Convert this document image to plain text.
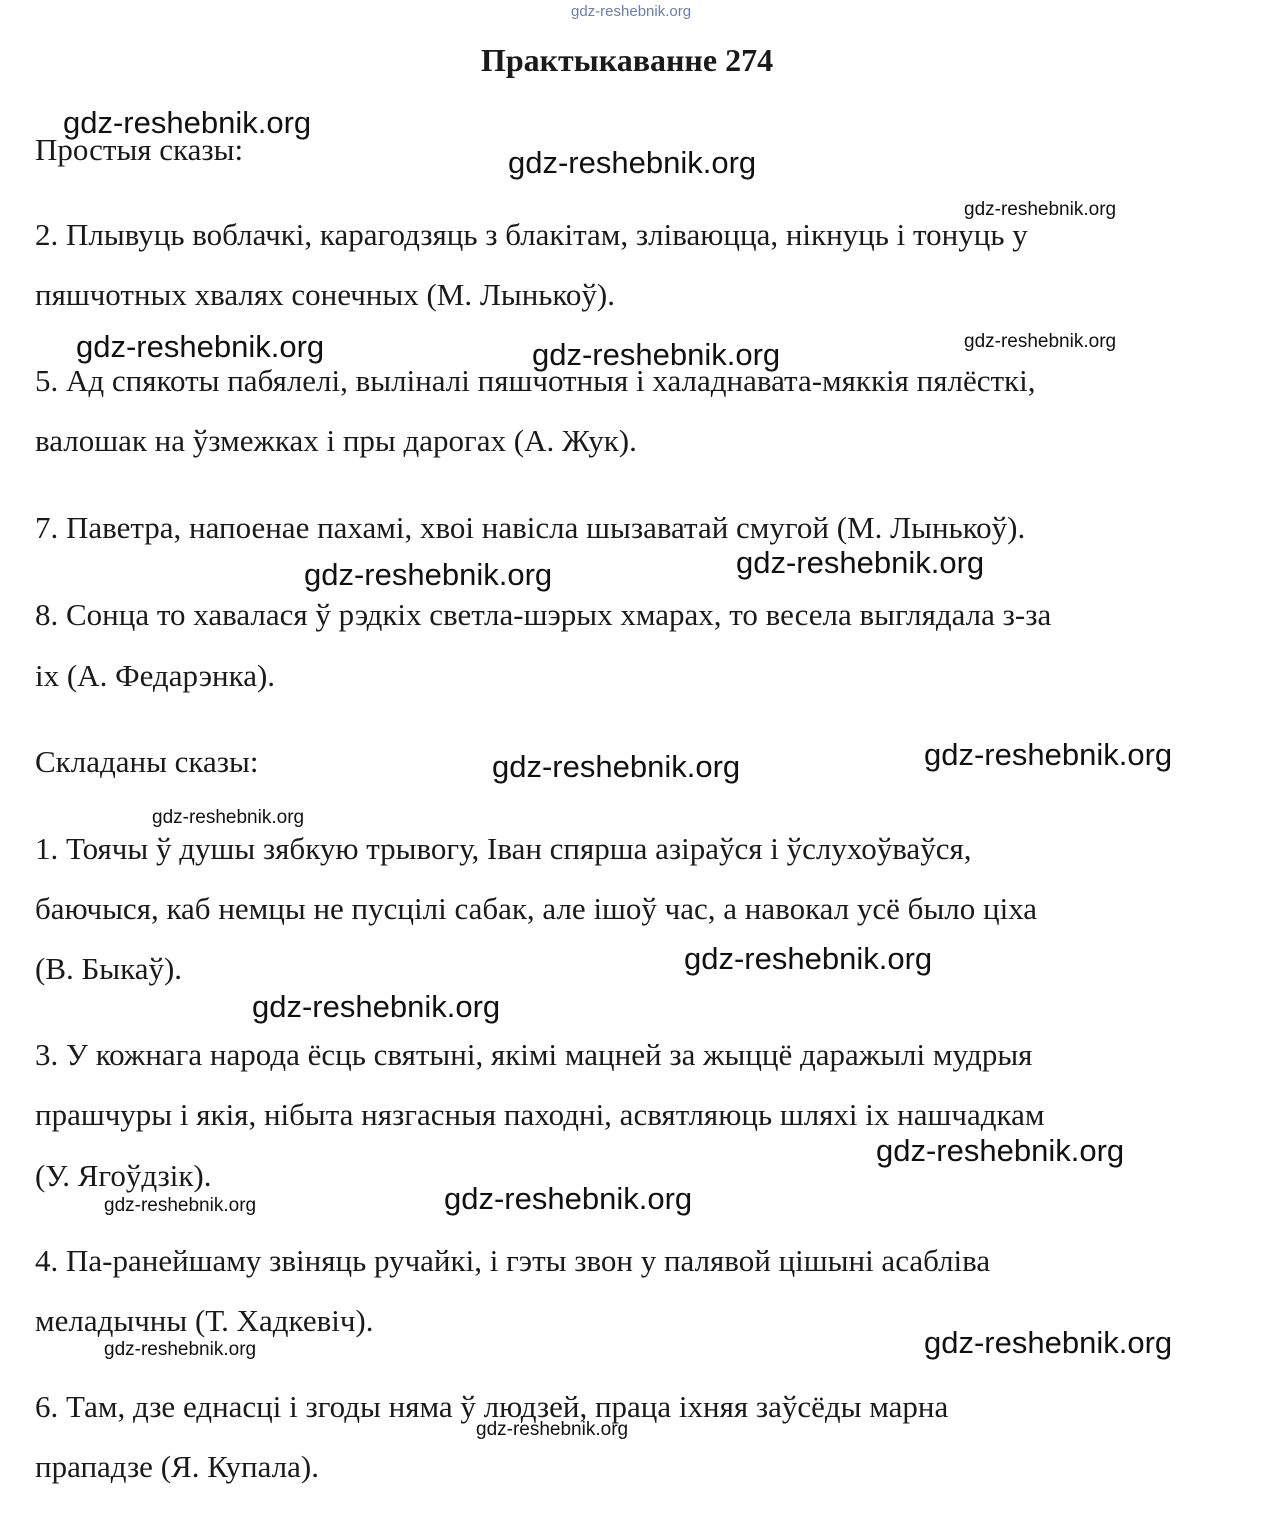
Практыкаванне 274
Простыя сказы:
2. Плывуць воблачкі, карагодзяць з блакітам, зліваюцца, нікнуць і тонуць у
пяшчотных хвалях сонечных (М. Лынькоў).
5. Ад спякоты пабялелі, выліналі пяшчотныя і халаднавата-мяккія пялёсткі,
валошак на ўзмежках і пры дарогах (А. Жук).
7. Паветра, напоенае пахамі, хвоі навісла шызаватай смугой (М. Лынькоў).
8. Сонца то хавалася ў рэдкіх светла-шэрых хмарах, то весела выглядала з-за
іх (А. Федарэнка).
Складаны сказы:
1. Тоячы ў душы зябкую трывогу, Іван спярша азіраўся і ўслухоўваўся,
баючыся, каб немцы не пусцілі сабак, але ішоў час, а навокал усё было ціха
(В. Быкаў).
3. У кожнага народа ёсць святыні, якімі мацней за жыццё даражылі мудрыя
прашчуры і якія, нібыта нязгасныя паходні, асвятляюць шляхі іх нашчадкам
(У. Ягоўдзік).
4. Па-ранейшаму звіняць ручайкі, і гэты звон у палявой цішыні асабліва
меладычны (Т. Хадкевіч).
6. Там, дзе еднасці і згоды няма ў людзей, праца іхняя заўсёды марна
прападзе (Я. Купала).
gdz-reshebnik.org
gdz-reshebnik.org
gdz-reshebnik.org
gdz-reshebnik.org
gdz-reshebnik.org	gdz-reshebnik.org	gdz-reshebnik.org
gdz-reshebnik.org	gdz-reshebnik.org
gdz-reshebnik.org	gdz-reshebnik.org
gdz-reshebnik.org
gdz-reshebnik.org
gdz-reshebnik.org
gdz-reshebnik.org
gdz-reshebnik.org
gdz-reshebnik.org
gdz-reshebnik.org	gdz-reshebnik.org
gdz-reshebnik.org
